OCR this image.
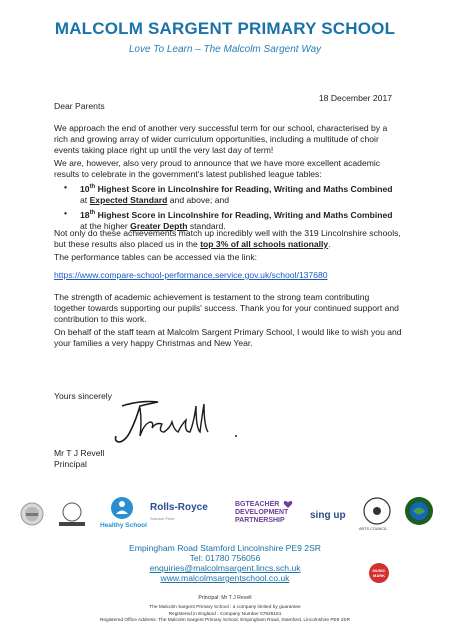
MALCOLM SARGENT PRIMARY SCHOOL
Love To Learn – The Malcolm Sargent Way
18 December 2017
Dear Parents
We approach the end of another very successful term for our school, characterised by a rich and growing array of wider curriculum opportunities, including a multitude of choir events taking place right up until the very last day of term!
We are, however, also very proud to announce that we have more excellent academic results to celebrate in the government's latest published league tables:
• 10th Highest Score in Lincolnshire for Reading, Writing and Maths Combined at Expected Standard and above; and
• 18th Highest Score in Lincolnshire for Reading, Writing and Maths Combined at the higher Greater Depth standard.
Not only do these achievements match up incredibly well with the 319 Lincolnshire schools, but these results also placed us in the top 3% of all schools nationally.
The performance tables can be accessed via the link:
https://www.compare-school-performance.service.gov.uk/school/137680
The strength of academic achievement is testament to the strong team contributing together towards supporting our pupils' success. Thank you for your continued support and contribution to this work.
On behalf of the staff team at Malcolm Sargent Primary School, I would like to wish you and your families a very happy Christmas and New Year.
Yours sincerely
Mr T J Revell
Principal
Healthy School
Rolls-Royce
Science Prize
BGTEACHER
DEVELOPMENT
PARTNERSHIP	sing up
ARTS COUNCIL
Empingham Road Stamford Lincolnshire PE9 2SR
Tel: 01780 756056
enquiries@malcolmsargent.lincs.sch.uk
www.malcolmsargentschool.co.uk
MUSIC
MARK
Principal: Mr T J Revell
The Malcolm Sargent Primary School : a company limited by guarantee
Registered in England : Company Number 07828151
Registered Office Address: The Malcolm Sargent Primary School, Empingham Road, Stamford, Lincolnshire PE9 2SR
